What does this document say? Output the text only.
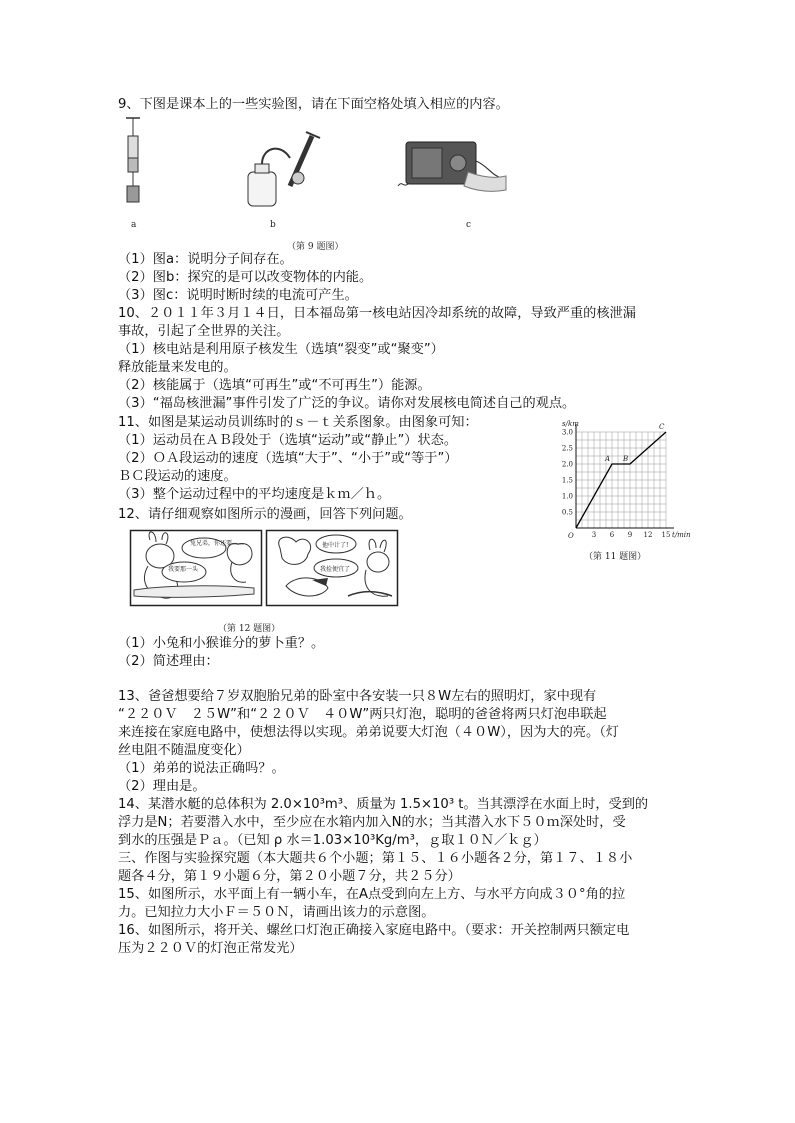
9、下图是课本上的一些实验图，请在下面空格处填入相应的内容。
a	b	c
（第 9 题图）
（1）图a：说明分子间存在。
（2）图b：探究的是可以改变物体的内能。
（3）图c：说明时断时续的电流可产生。
10、２０１１年３月１４日，日本福岛第一核电站因冷却系统的故障，导致严重的核泄漏
事故，引起了全世界的关注。
（1）核电站是利用原子核发生（选填“裂变”或“聚变”）
释放能量来发电的。
（2）核能属于（选填“可再生”或“不可再生”）能源。
（3）“福岛核泄漏”事件引发了广泛的争议。请你对发展核电简述自己的观点。
11、如图是某运动员训练时的ｓ－ｔ关系图象。由图象可知：
（1）运动员在ＡＢ段处于（选填“运动”或“静止”）状态。
（2）ＯＡ段运动的速度（选填“大于”、“小于”或“等于”）
ＢＣ段运动的速度。
（3）整个运动过程中的平均速度是ｋｍ／ｈ。
3 6 9 12 15
0.5
1.0
1.5
2.0
2.5
3.0
O
s/km
t/min
A B
C
（第 11 题图）
12、请仔细观察如图所示的漫画，回答下列问题。
兔兄弟，你还要……
我要那一头
他中计了!
我捡便宜了
（第 12 题图）
（1）小兔和小猴谁分的萝卜重？。
（2）简述理由：
13、爸爸想要给７岁双胞胎兄弟的卧室中各安装一只８W左右的照明灯，家中现有
“２２０Ｖ　２５W”和“２２０Ｖ　４０W”两只灯泡，聪明的爸爸将两只灯泡串联起
来连接在家庭电路中，使想法得以实现。弟弟说要大灯泡（４０W），因为大的亮。（灯
丝电阻不随温度变化）
（1）弟弟的说法正确吗？。
（2）理由是。
14、某潜水艇的总体积为 2.0×10³m³、质量为 1.5×10³ t。当其漂浮在水面上时，受到的
浮力是N；若要潜入水中，至少应在水箱内加入N的水；当其潜入水下５０ｍ深处时，受
到水的压强是Ｐａ。（已知 ρ 水＝1.03×10³Kg/m³，ｇ取１０Ｎ／ｋｇ）
三、作图与实验探究题（本大题共６个小题；第１５、１６小题各２分，第１７、１８小
题各４分，第１９小题６分，第２０小题７分，共２５分）
15、如图所示，水平面上有一辆小车，在A点受到向左上方、与水平方向成３０°角的拉
力。已知拉力大小Ｆ＝５０Ｎ，请画出该力的示意图。
16、如图所示，将开关、螺丝口灯泡正确接入家庭电路中。（要求：开关控制两只额定电
压为２２０Ｖ的灯泡正常发光）
